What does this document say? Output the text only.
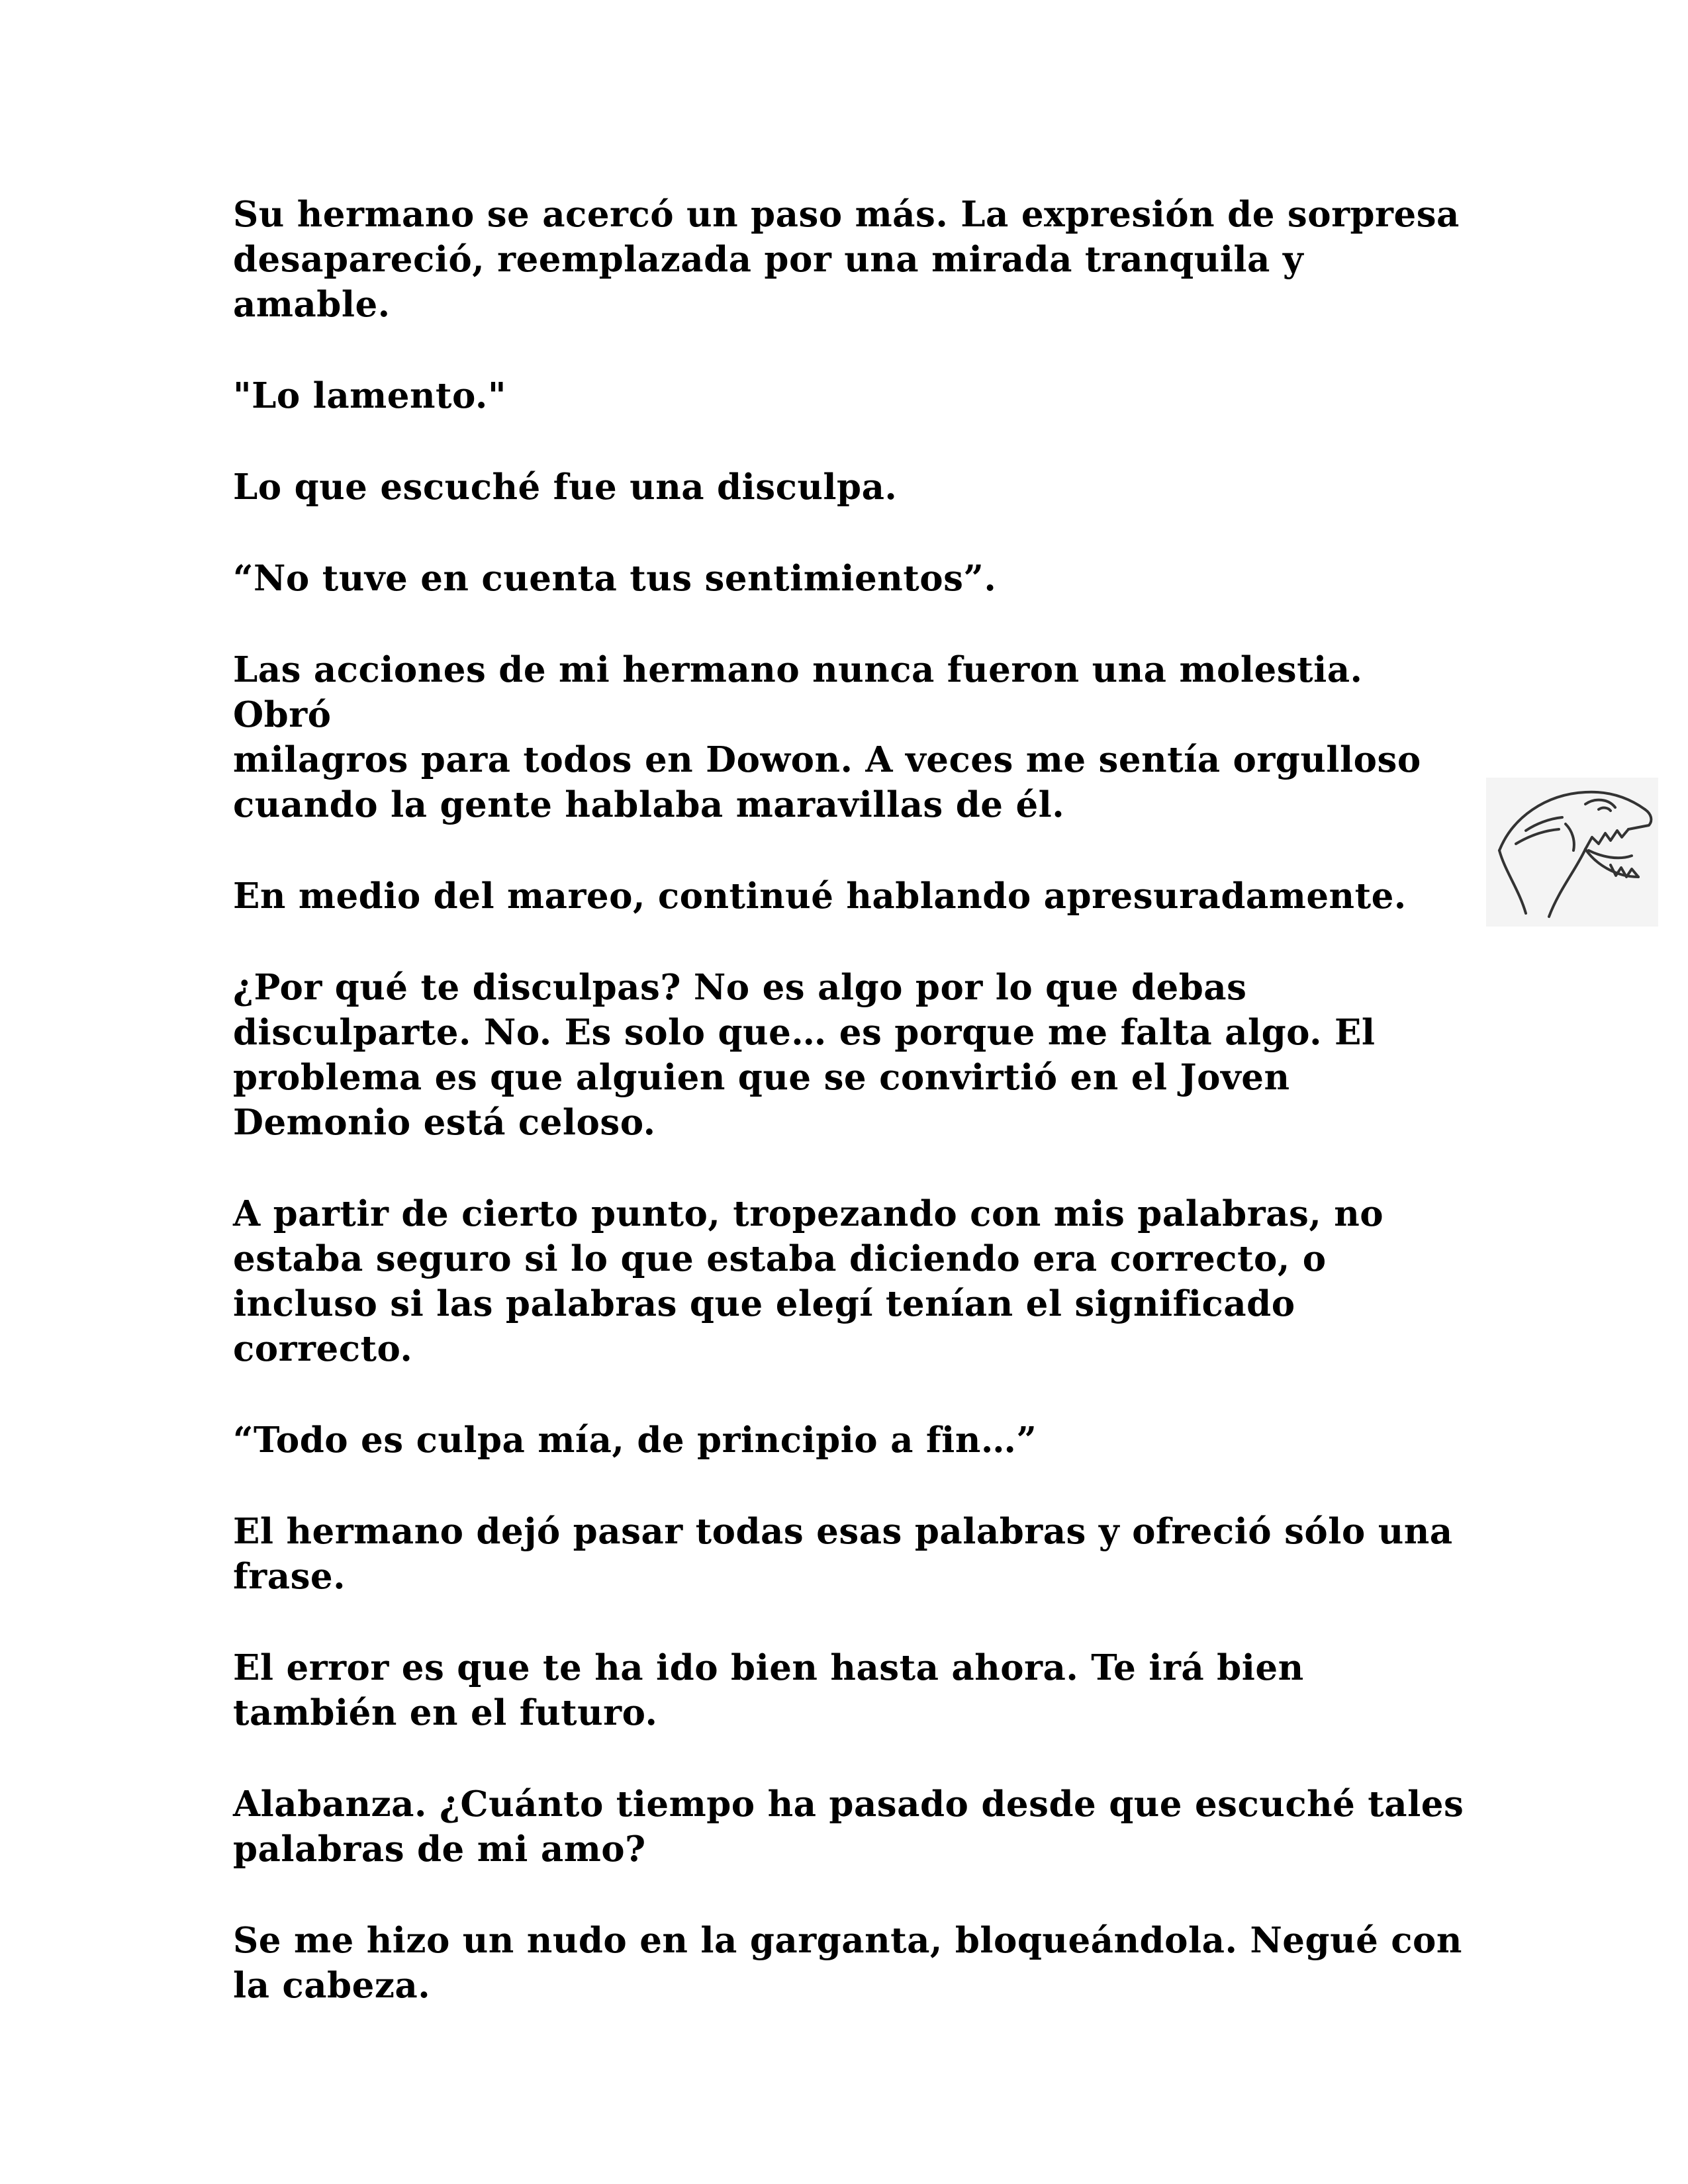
Su hermano se acercó un paso más. La expresión de sorpresa
desapareció, reemplazada por una mirada tranquila y
amable.

"Lo lamento."

Lo que escuché fue una disculpa.

“No tuve en cuenta tus sentimientos”.

Las acciones de mi hermano nunca fueron una molestia. Obró
milagros para todos en Dowon. A veces me sentía orgulloso
cuando la gente hablaba maravillas de él.

En medio del mareo, continué hablando apresuradamente.

¿Por qué te disculpas? No es algo por lo que debas
disculparte. No. Es solo que… es porque me falta algo. El
problema es que alguien que se convirtió en el Joven
Demonio está celoso.

A partir de cierto punto, tropezando con mis palabras, no
estaba seguro si lo que estaba diciendo era correcto, o
incluso si las palabras que elegí tenían el significado
correcto.

“Todo es culpa mía, de principio a fin…”

El hermano dejó pasar todas esas palabras y ofreció sólo una
frase.

El error es que te ha ido bien hasta ahora. Te irá bien
también en el futuro.

Alabanza. ¿Cuánto tiempo ha pasado desde que escuché tales
palabras de mi amo?

Se me hizo un nudo en la garganta, bloqueándola. Negué con
la cabeza.
